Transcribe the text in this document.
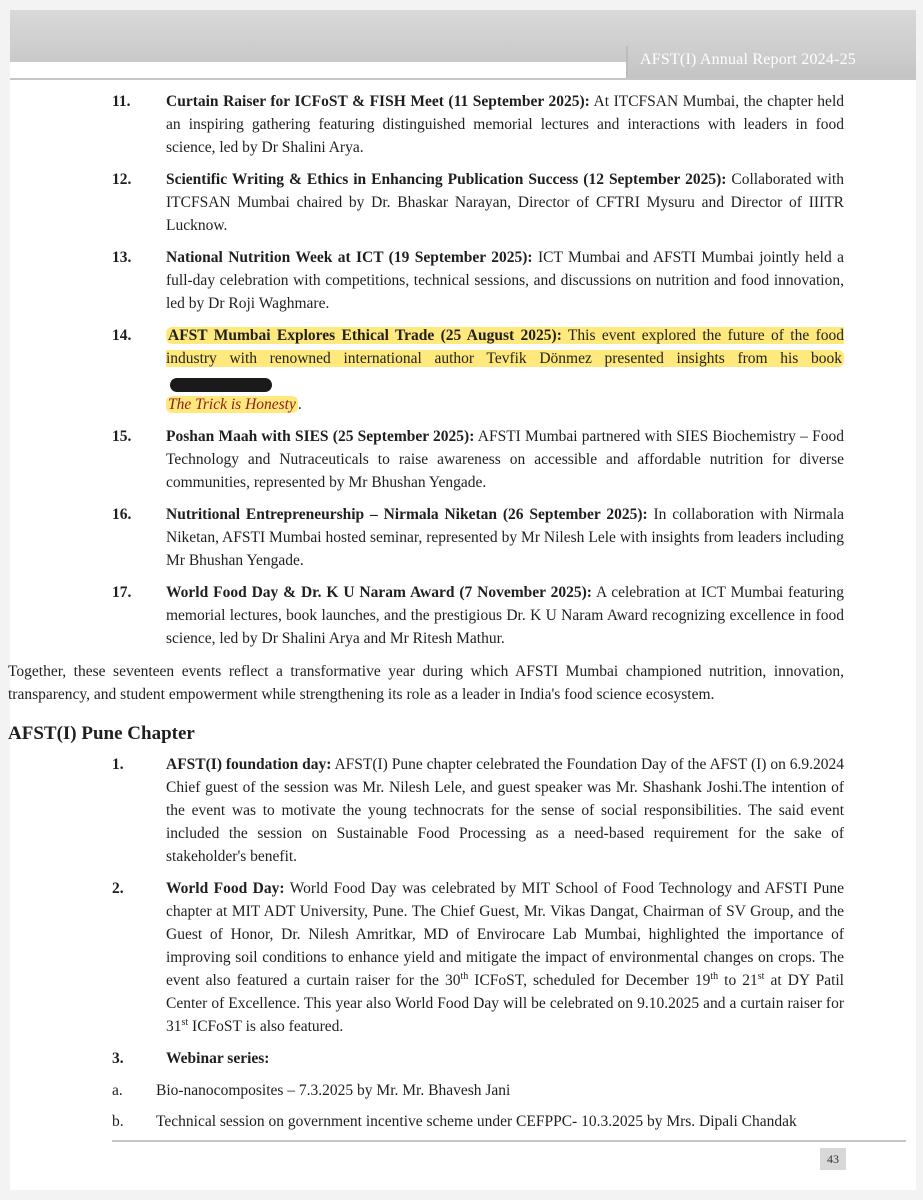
AFST(I) Annual Report 2024-25
11. Curtain Raiser for ICFoST & FISH Meet (11 September 2025): At ITCFSAN Mumbai, the chapter held an inspiring gathering featuring distinguished memorial lectures and interactions with leaders in food science, led by Dr Shalini Arya.
12. Scientific Writing & Ethics in Enhancing Publication Success (12 September 2025): Collaborated with ITCFSAN Mumbai chaired by Dr. Bhaskar Narayan, Director of CFTRI Mysuru and Director of IIITR Lucknow.
13. National Nutrition Week at ICT (19 September 2025): ICT Mumbai and AFSTI Mumbai jointly held a full-day celebration with competitions, technical sessions, and discussions on nutrition and food innovation, led by Dr Roji Waghmare.
14. AFST Mumbai Explores Ethical Trade (25 August 2025): This event explored the future of the food industry with renowned international author Tevfik Dönmez presented insights from his book
The Trick is Honesty .
15. Poshan Maah with SIES (25 September 2025): AFSTI Mumbai partnered with SIES Biochemistry – Food Technology and Nutraceuticals to raise awareness on accessible and affordable nutrition for diverse communities, represented by Mr Bhushan Yengade.
16. Nutritional Entrepreneurship – Nirmala Niketan (26 September 2025): In collaboration with Nirmala Niketan, AFSTI Mumbai hosted seminar, represented by Mr Nilesh Lele with insights from leaders including Mr Bhushan Yengade.
17. World Food Day & Dr. K U Naram Award (7 November 2025): A celebration at ICT Mumbai featuring memorial lectures, book launches, and the prestigious Dr. K U Naram Award recognizing excellence in food science, led by Dr Shalini Arya and Mr Ritesh Mathur.
Together, these seventeen events reflect a transformative year during which AFSTI Mumbai championed nutrition, innovation, transparency, and student empowerment while strengthening its role as a leader in India's food science ecosystem.
AFST(I) Pune Chapter
1.	AFST(I) foundation day: AFST(I) Pune chapter celebrated the Foundation Day of the AFST (I) on 6.9.2024 Chief guest of the session was Mr. Nilesh Lele, and guest speaker was Mr. Shashank Joshi.The intention of the event was to motivate the young technocrats for the sense of social responsibilities. The said event included the session on Sustainable Food Processing as a need-based requirement for the sake of stakeholder's benefit.
2.	World Food Day: World Food Day was celebrated by MIT School of Food Technology and AFSTI Pune chapter at MIT ADT University, Pune. The Chief Guest, Mr. Vikas Dangat, Chairman of SV Group, and the Guest of Honor, Dr. Nilesh Amritkar, MD of Envirocare Lab Mumbai, highlighted the importance of improving soil conditions to enhance yield and mitigate the impact of environmental changes on crops. The event also featured a curtain raiser for the 30th ICFoST, scheduled for December 19th to 21st at DY Patil Center of Excellence. This year also World Food Day will be celebrated on 9.10.2025 and a curtain raiser for 31st ICFoST is also featured.
3.	Webinar series:
a. Bio-nanocomposites – 7.3.2025 by Mr. Mr. Bhavesh Jani
b. Technical session on government incentive scheme under CEFPPC- 10.3.2025 by Mrs. Dipali Chandak
43
